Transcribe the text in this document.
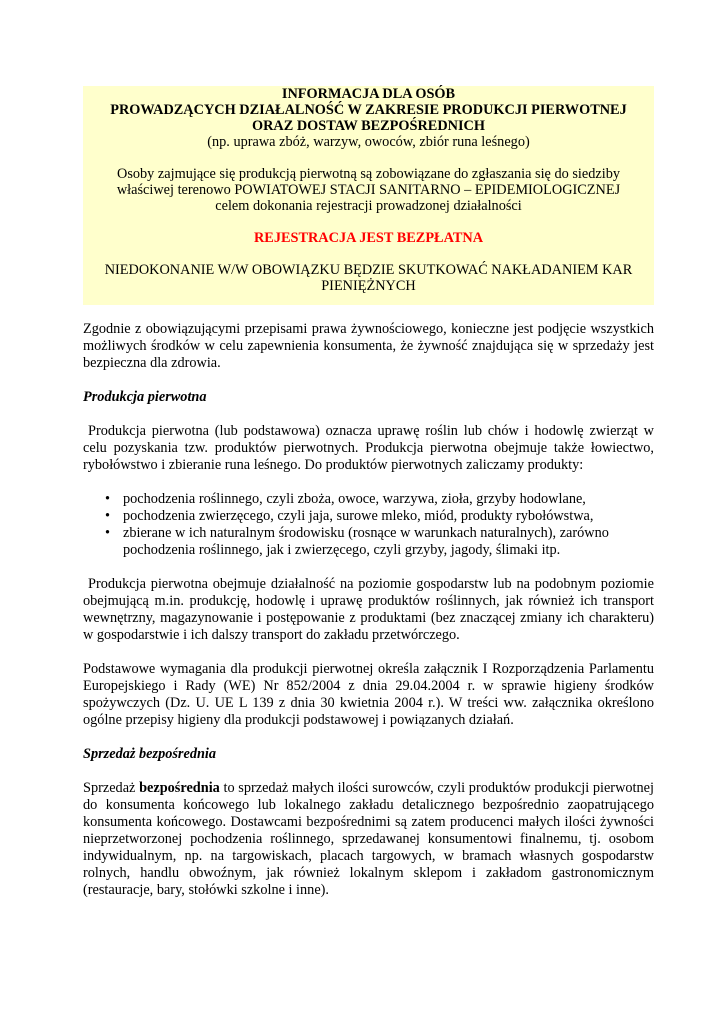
INFORMACJA DLA OSÓB

PROWADZĄCYCH DZIAŁALNOŚĆ W ZAKRESIE PRODUKCJI PIERWOTNEJ

ORAZ DOSTAW BEZPOŚREDNICH

(np. uprawa zbóż, warzyw, owoców, zbiór runa leśnego)

Osoby zajmujące się produkcją pierwotną są zobowiązane do zgłaszania się do siedziby

właściwej terenowo POWIATOWEJ STACJI SANITARNO – EPIDEMIOLOGICZNEJ

celem dokonania rejestracji prowadzonej działalności

REJESTRACJA JEST BEZPŁATNA

NIEDOKONANIE W/W OBOWIĄZKU BĘDZIE SKUTKOWAĆ NAKŁADANIEM KAR

PIENIĘŻNYCH

Zgodnie z obowiązującymi przepisami prawa żywnościowego, konieczne jest podjęcie wszystkich możliwych środków w celu zapewnienia konsumenta, że żywność znajdująca się w sprzedaży jest bezpieczna dla zdrowia.

Produkcja pierwotna

Produkcja pierwotna (lub podstawowa) oznacza uprawę roślin lub chów i hodowlę zwierząt w celu pozyskania tzw. produktów pierwotnych. Produkcja pierwotna obejmuje także łowiectwo, rybołówstwo i zbieranie runa leśnego. Do produktów pierwotnych zaliczamy produkty:

• pochodzenia roślinnego, czyli zboża, owoce, warzywa, zioła, grzyby hodowlane,
• pochodzenia zwierzęcego, czyli jaja, surowe mleko, miód, produkty rybołówstwa,
• zbierane w ich naturalnym środowisku (rosnące w warunkach naturalnych), zarówno pochodzenia roślinnego, jak i zwierzęcego, czyli grzyby, jagody, ślimaki itp.

Produkcja pierwotna obejmuje działalność na poziomie gospodarstw lub na podobnym poziomie obejmującą m.in. produkcję, hodowlę i uprawę produktów roślinnych, jak również ich transport wewnętrzny, magazynowanie i postępowanie z produktami (bez znaczącej zmiany ich charakteru) w gospodarstwie i ich dalszy transport do zakładu przetwórczego.

Podstawowe wymagania dla produkcji pierwotnej określa załącznik I Rozporządzenia Parlamentu Europejskiego i Rady (WE) Nr 852/2004 z dnia 29.04.2004 r. w sprawie higieny środków spożywczych (Dz. U. UE L 139 z dnia 30 kwietnia 2004 r.). W treści ww. załącznika określono ogólne przepisy higieny dla produkcji podstawowej i powiązanych działań.

Sprzedaż bezpośrednia

Sprzedaż bezpośrednia to sprzedaż małych ilości surowców, czyli produktów produkcji pierwotnej do konsumenta końcowego lub lokalnego zakładu detalicznego bezpośrednio zaopatrującego konsumenta końcowego. Dostawcami bezpośrednimi są zatem producenci małych ilości żywności nieprzetworzonej pochodzenia roślinnego, sprzedawanej konsumentowi finalnemu, tj. osobom indywidualnym, np. na targowiskach, placach targowych, w bramach własnych gospodarstw rolnych, handlu obwoźnym, jak również lokalnym sklepom i zakładom gastronomicznym (restauracje, bary, stołówki szkolne i inne).
